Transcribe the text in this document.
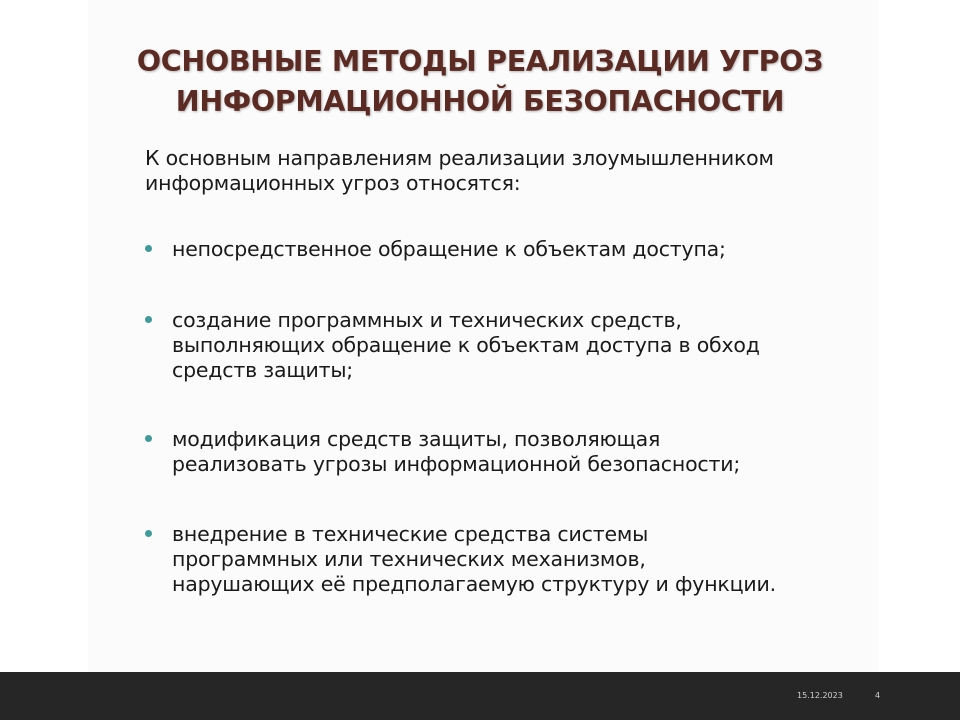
ОСНОВНЫЕ МЕТОДЫ РЕАЛИЗАЦИИ УГРОЗ
ИНФОРМАЦИОННОЙ БЕЗОПАСНОСТИ

К основным направлениям реализации злоумышленником
информационных угроз относятся:

непосредственное обращение к объектам доступа;
создание программных и технических средств,
выполняющих обращение к объектам доступа в обход
средств защиты;
модификация средств защиты, позволяющая
реализовать угрозы информационной безопасности;
внедрение в технические средства системы
программных или технических механизмов,
нарушающих её предполагаемую структуру и функции.
15.12.2023	4
